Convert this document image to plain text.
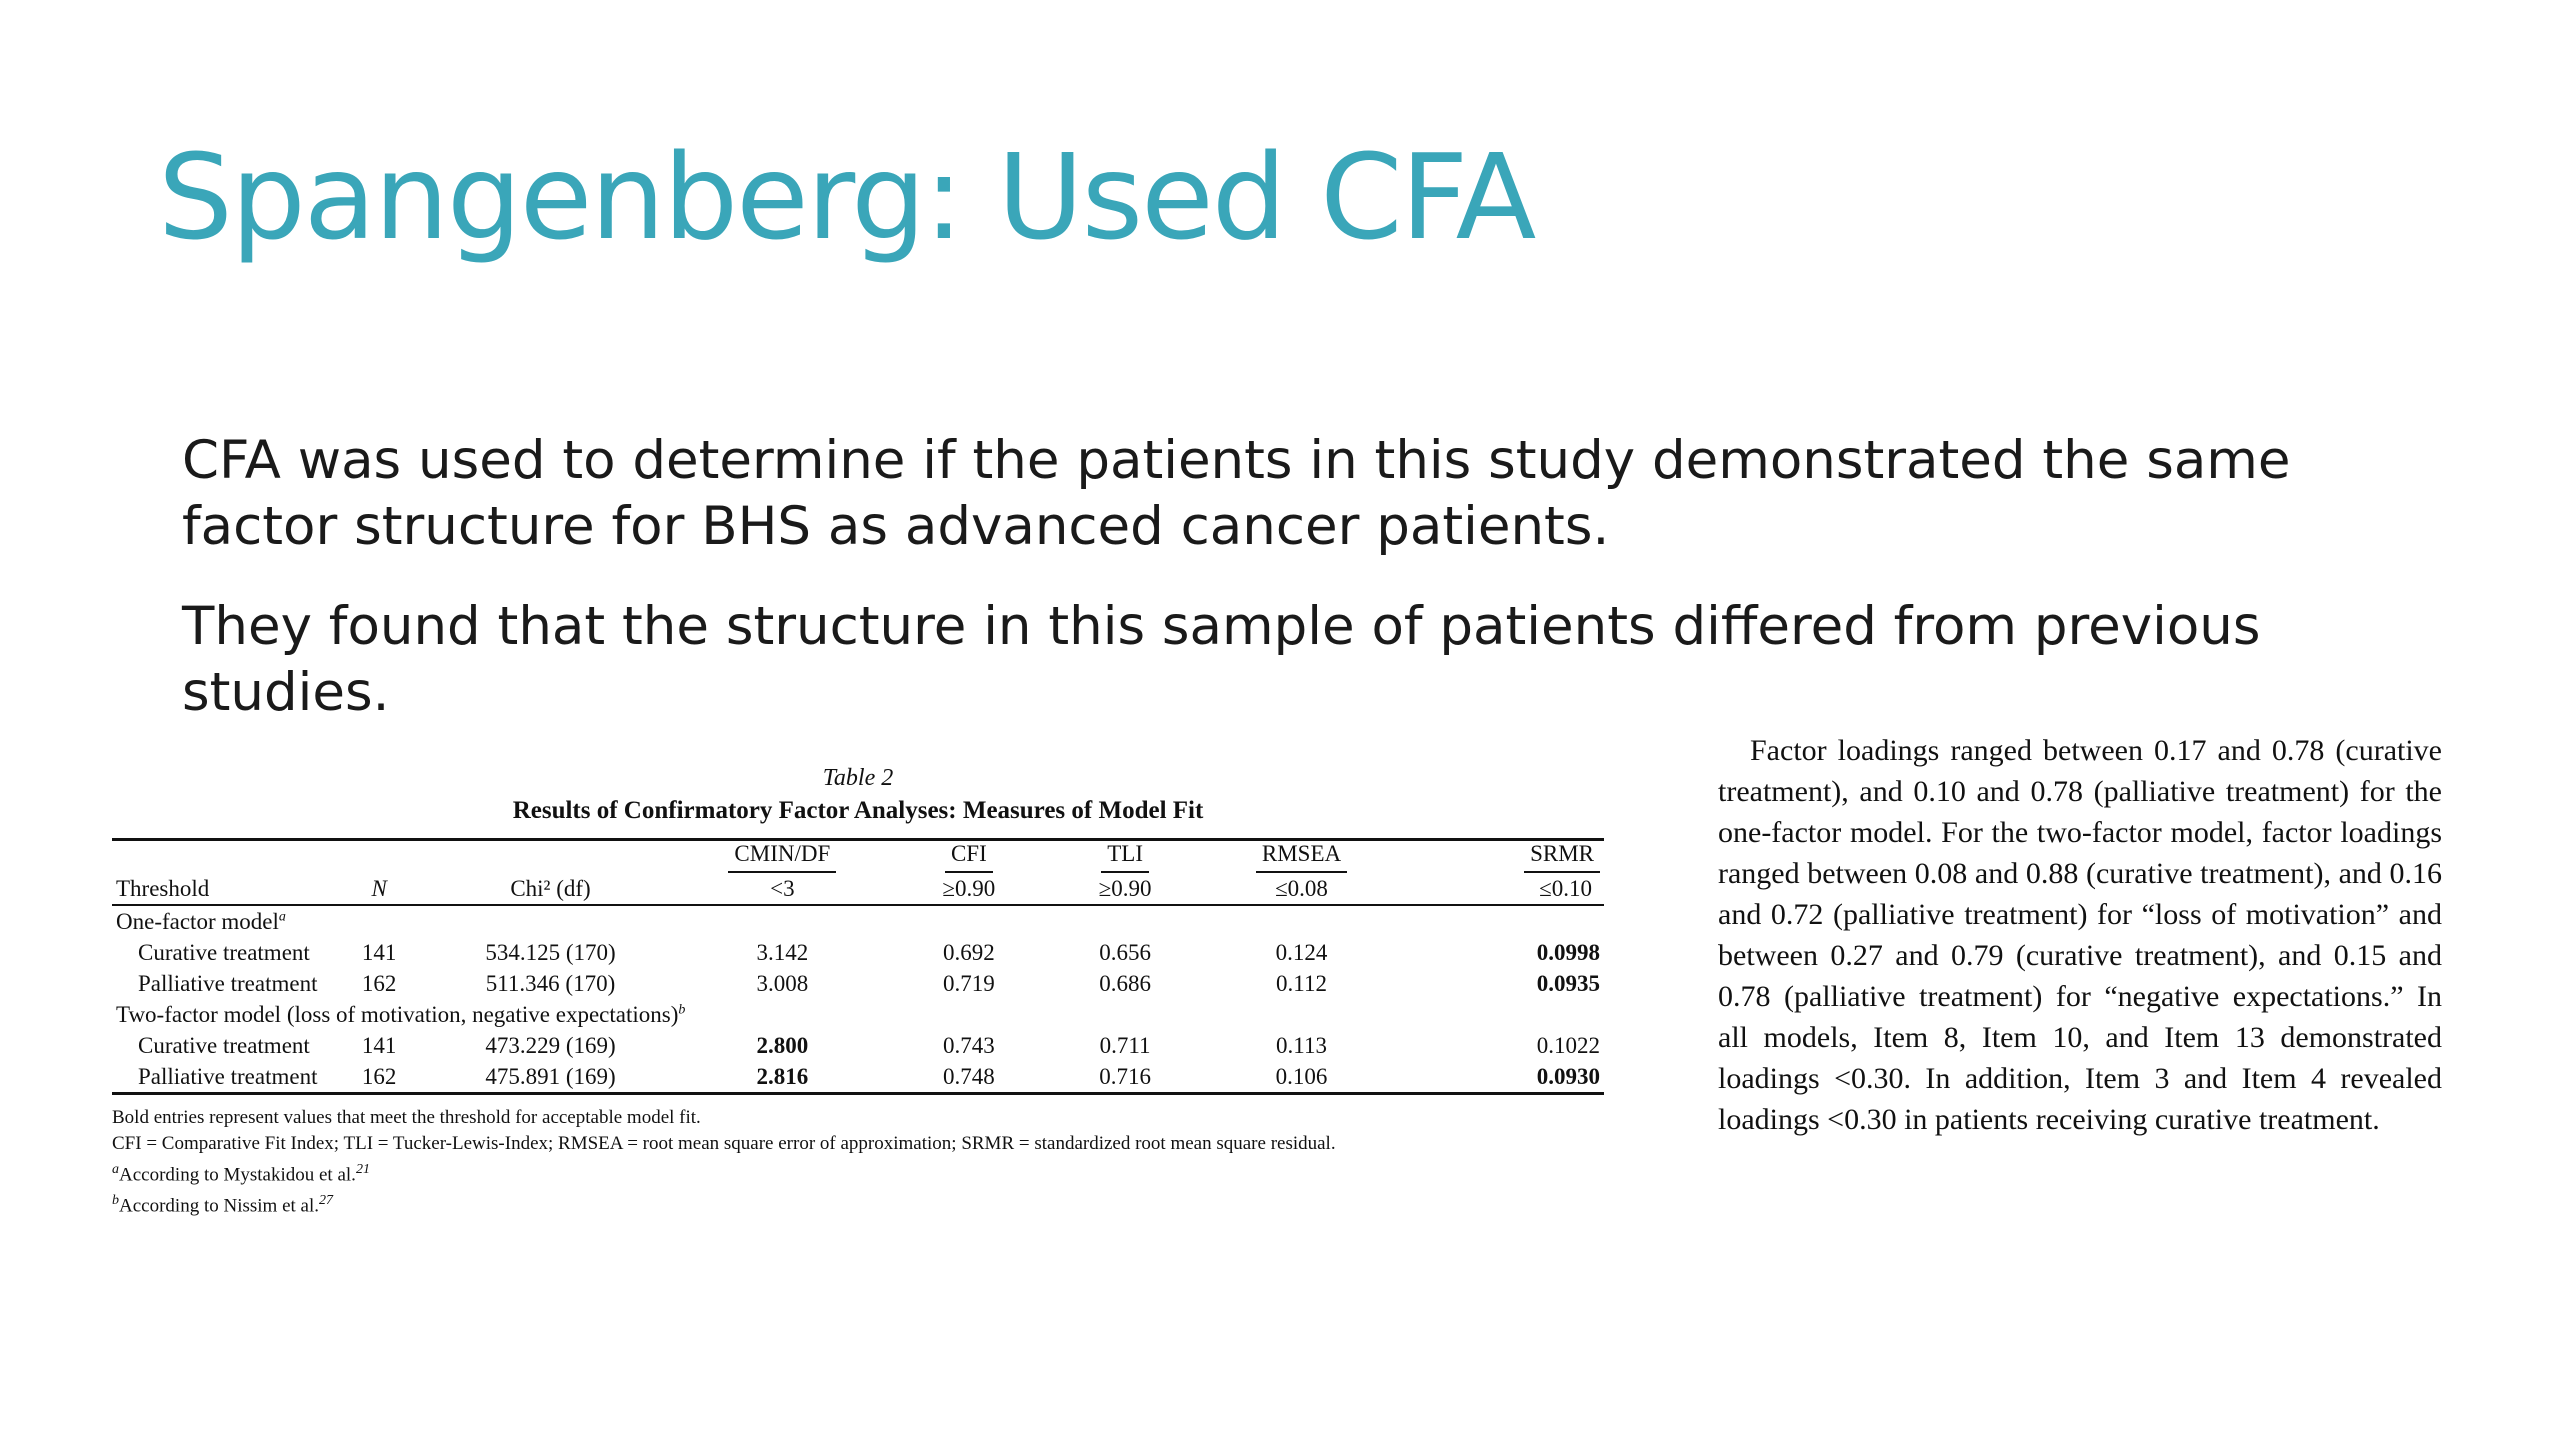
Spangenberg: Used CFA

CFA was used to determine if the patients in this study demonstrated the same factor structure for BHS as advanced cancer patients.

They found that the structure in this sample of patients differed from previous studies.

Table 2
Results of Confirmatory Factor Analyses: Measures of Model Fit
			CMIN/DF	CFI	TLI	RMSEA	SRMR
Threshold	N	Chi² (df)	<3	≥0.90	≥0.90	≤0.08	≤0.10
One-factor model$^a$
Curative treatment	141	534.125 (170)	3.142	0.692	0.656	0.124	0.0998
Palliative treatment	162	511.346 (170)	3.008	0.719	0.686	0.112	0.0935
Two-factor model (loss of motivation, negative expectations)$^b$
Curative treatment	141	473.229 (169)	2.800	0.743	0.711	0.113	0.1022
Palliative treatment	162	475.891 (169)	2.816	0.748	0.716	0.106	0.0930
Bold entries represent values that meet the threshold for acceptable model fit.
CFI = Comparative Fit Index; TLI = Tucker-Lewis-Index; RMSEA = root mean square error of approximation; SRMR = standardized root mean square residual.
$^a$According to Mystakidou et al.$^{21}$
$^b$According to Nissim et al.$^{27}$

Factor loadings ranged between 0.17 and 0.78 (curative treatment), and 0.10 and 0.78 (palliative treatment) for the one-factor model. For the two-factor model, factor loadings ranged between 0.08 and 0.88 (curative treatment), and 0.16 and 0.72 (palliative treatment) for “loss of motivation” and between 0.27 and 0.79 (curative treatment), and 0.15 and 0.78 (palliative treatment) for “negative expectations.” In all models, Item 8, Item 10, and Item 13 demonstrated loadings <0.30. In addition, Item 3 and Item 4 revealed loadings <0.30 in patients receiving curative treatment.
